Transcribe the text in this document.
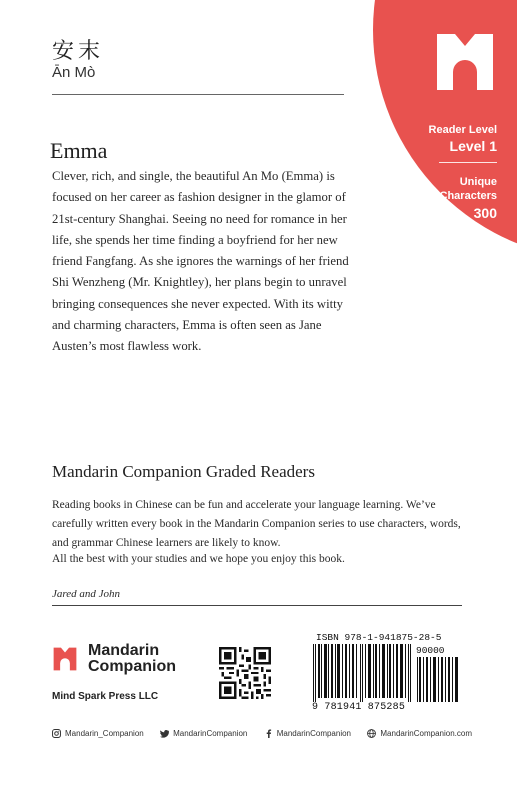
Reader Level
Level 1
Unique
Characters
300
安末
Ān Mò
Emma

Clever, rich, and single, the beautiful An Mo (Emma) is focused on her career as fashion designer in the glamor of 21st-century Shanghai. Seeing no need for romance in her life, she spends her time finding a boyfriend for her new friend Fangfang. As she ignores the warnings of her friend Shi Wenzheng (Mr. Knightley), her plans begin to unravel bringing consequences she never expected. With its witty and charming characters, Emma is often seen as Jane Austen’s most flawless work.

Mandarin Companion Graded Readers

Reading books in Chinese can be fun and accelerate your language learning. We’ve carefully written every book in the Mandarin Companion series to use characters, words, and grammar Chinese learners are likely to know.

All the best with your studies and we hope you enjoy this book.

Jared and John

Mandarin
Companion
Mind Spark Press LLC
ISBN 978-1-941875-28-5
90000
9 781941 875285
Mandarin_Companion	MandarinCompanion	MandarinCompanion	MandarinCompanion.com
